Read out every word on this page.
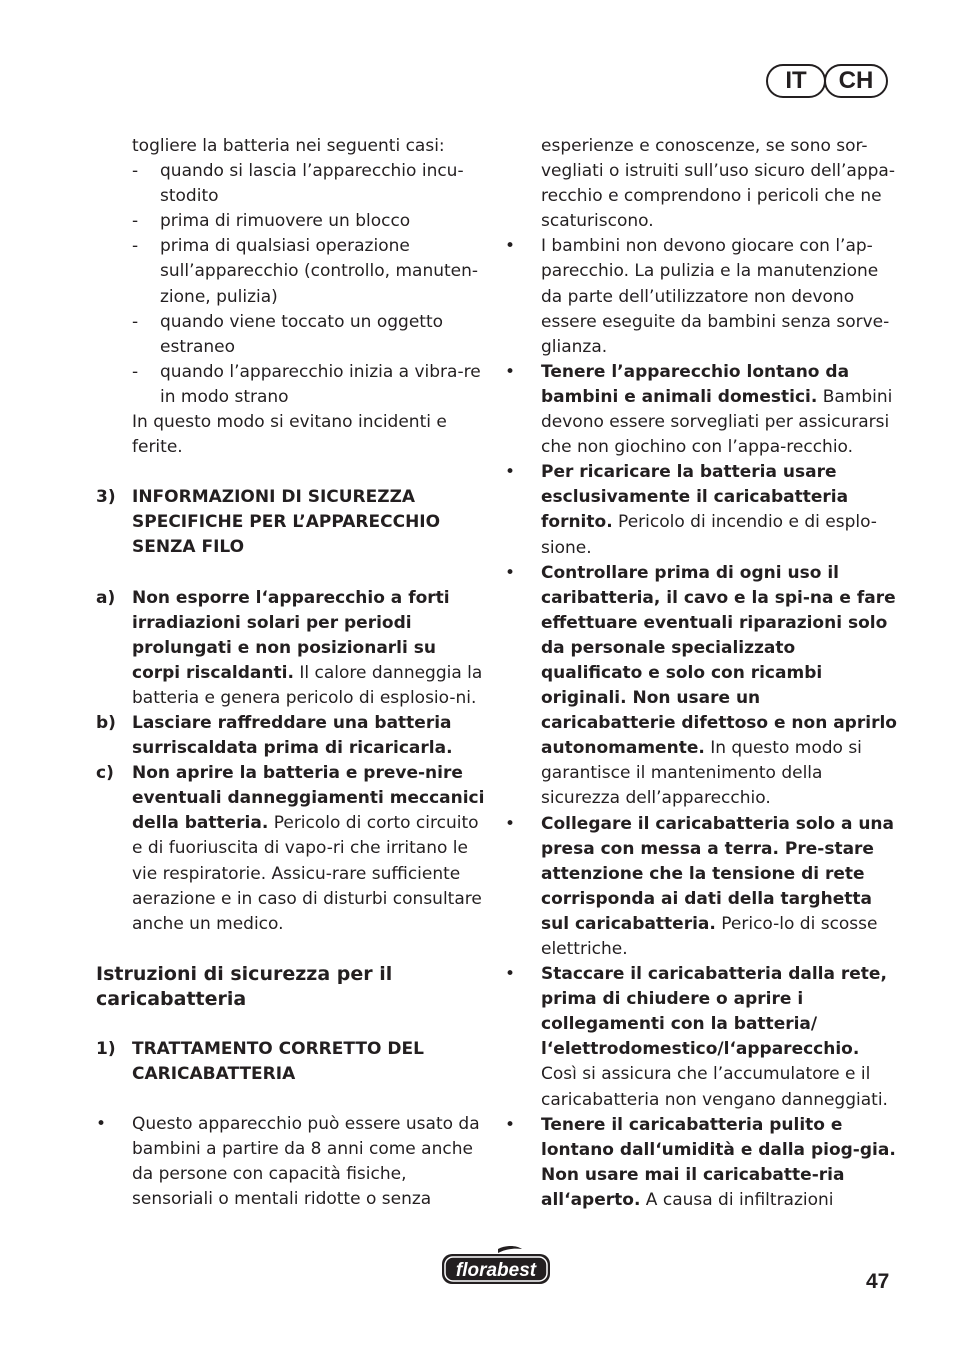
IT	CH
togliere la batteria nei seguenti casi:
- quando si lascia l’apparecchio incu-stodito
- prima di rimuovere un blocco
- prima di qualsiasi operazione sull’apparecchio (controllo, manuten-zione, pulizia)
- quando viene toccato un oggetto estraneo
- quando l’apparecchio inizia a vibra-re in modo strano
In questo modo si evitano incidenti e ferite.
3) INFORMAZIONI DI SICUREZZA SPECIFICHE PER L’APPARECCHIO SENZA FILO
a) Non esporre l‘apparecchio a forti irradiazioni solari per periodi prolungati e non posizionarli su corpi riscaldanti. Il calore danneggia la batteria e genera pericolo di esplosio-ni.
b) Lasciare raffreddare una batteria surriscaldata prima di ricaricarla.
c) Non aprire la batteria e preve-nire eventuali danneggiamenti meccanici della batteria. Pericolo di corto circuito e di fuoriuscita di vapo-ri che irritano le vie respiratorie. Assicu-rare sufficiente aerazione e in caso di disturbi consultare anche un medico.
Istruzioni di sicurezza per il caricabatteria
1) TRATTAMENTO CORRETTO DEL CARICABATTERIA
• Questo apparecchio può essere usato da bambini a partire da 8 anni come anche da persone con capacità fisiche, sensoriali o mentali ridotte o senza
esperienze e conoscenze, se sono sor-vegliati o istruiti sull’uso sicuro dell’appa-recchio e comprendono i pericoli che ne scaturiscono.
• I bambini non devono giocare con l’ap-parecchio. La pulizia e la manutenzione da parte dell’utilizzatore non devono essere eseguite da bambini senza sorve-glianza.
• Tenere l’apparecchio lontano da bambini e animali domestici. Bambini devono essere sorvegliati per assicurarsi che non giochino con l’appa-recchio.
• Per ricaricare la batteria usare esclusivamente il caricabatteria fornito. Pericolo di incendio e di esplo-sione.
• Controllare prima di ogni uso il caribatteria, il cavo e la spi-na e fare effettuare eventuali riparazioni solo da personale specializzato qualificato e solo con ricambi originali. Non usare un caricabatterie difettoso e non aprirlo autonomamente. In questo modo si garantisce il mantenimento della sicurezza dell’apparecchio.
• Collegare il caricabatteria solo a una presa con messa a terra. Pre-stare attenzione che la tensione di rete corrisponda ai dati della targhetta sul caricabatteria. Perico-lo di scosse elettriche.
• Staccare il caricabatteria dalla rete, prima di chiudere o aprire i collegamenti con la batteria/ l‘elettrodomestico/l‘apparecchio. Così si assicura che l’accumulatore e il caricabatteria non vengano danneggiati.
• Tenere il caricabatteria pulito e lontano dall‘umidità e dalla piog-gia. Non usare mai il caricabatte-ria all‘aperto. A causa di infiltrazioni
florabest	47
